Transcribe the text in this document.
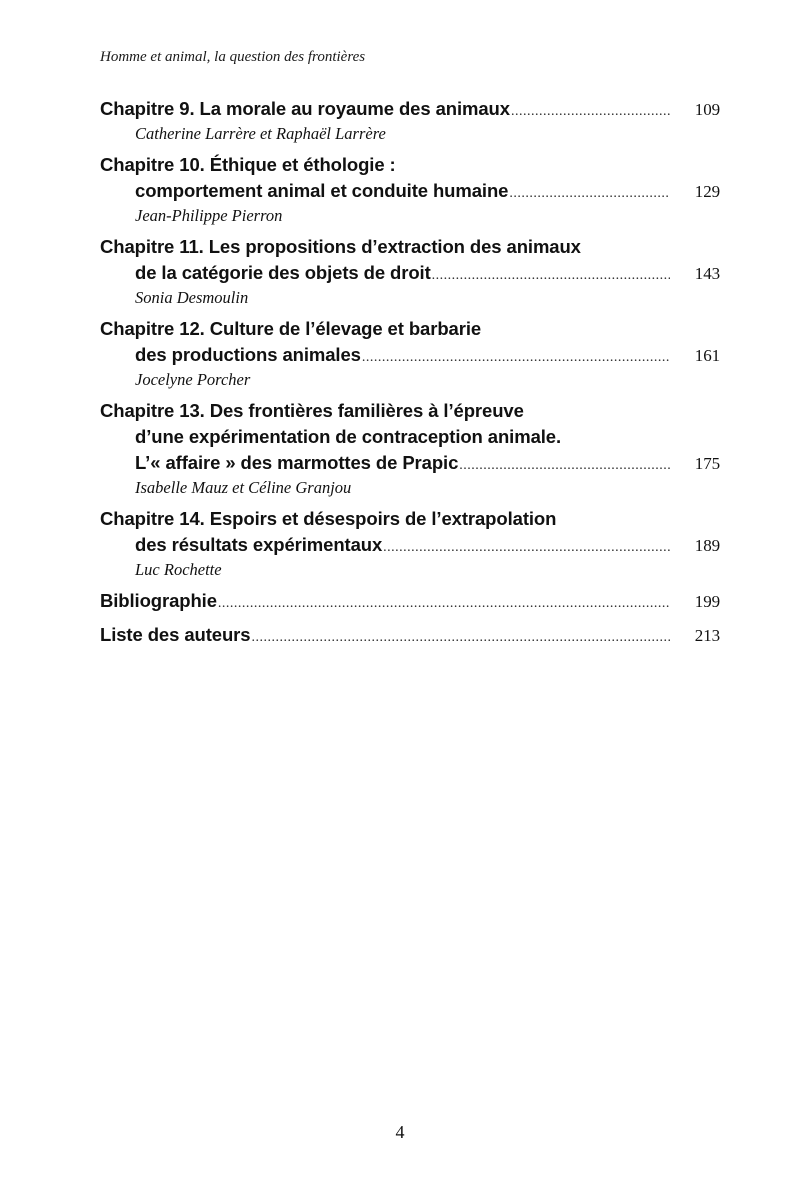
Homme et animal, la question des frontières
Chapitre 9. La morale au royaume des animaux .....	109
Catherine Larrère et Raphaël Larrère
Chapitre 10. Éthique et éthologie :
comportement animal et conduite humaine .....	129
Jean-Philippe Pierron
Chapitre 11. Les propositions d’extraction des animaux
de la catégorie des objets de droit .....	143
Sonia Desmoulin
Chapitre 12. Culture de l’élevage et barbarie
des productions animales .....	161
Jocelyne Porcher
Chapitre 13. Des frontières familières à l’épreuve
d’une expérimentation de contraception animale.
L’« affaire » des marmottes de Prapic .....	175
Isabelle Mauz et Céline Granjou
Chapitre 14. Espoirs et désespoirs de l’extrapolation
des résultats expérimentaux .....	189
Luc Rochette
Bibliographie .....	199
Liste des auteurs .....	213
4
